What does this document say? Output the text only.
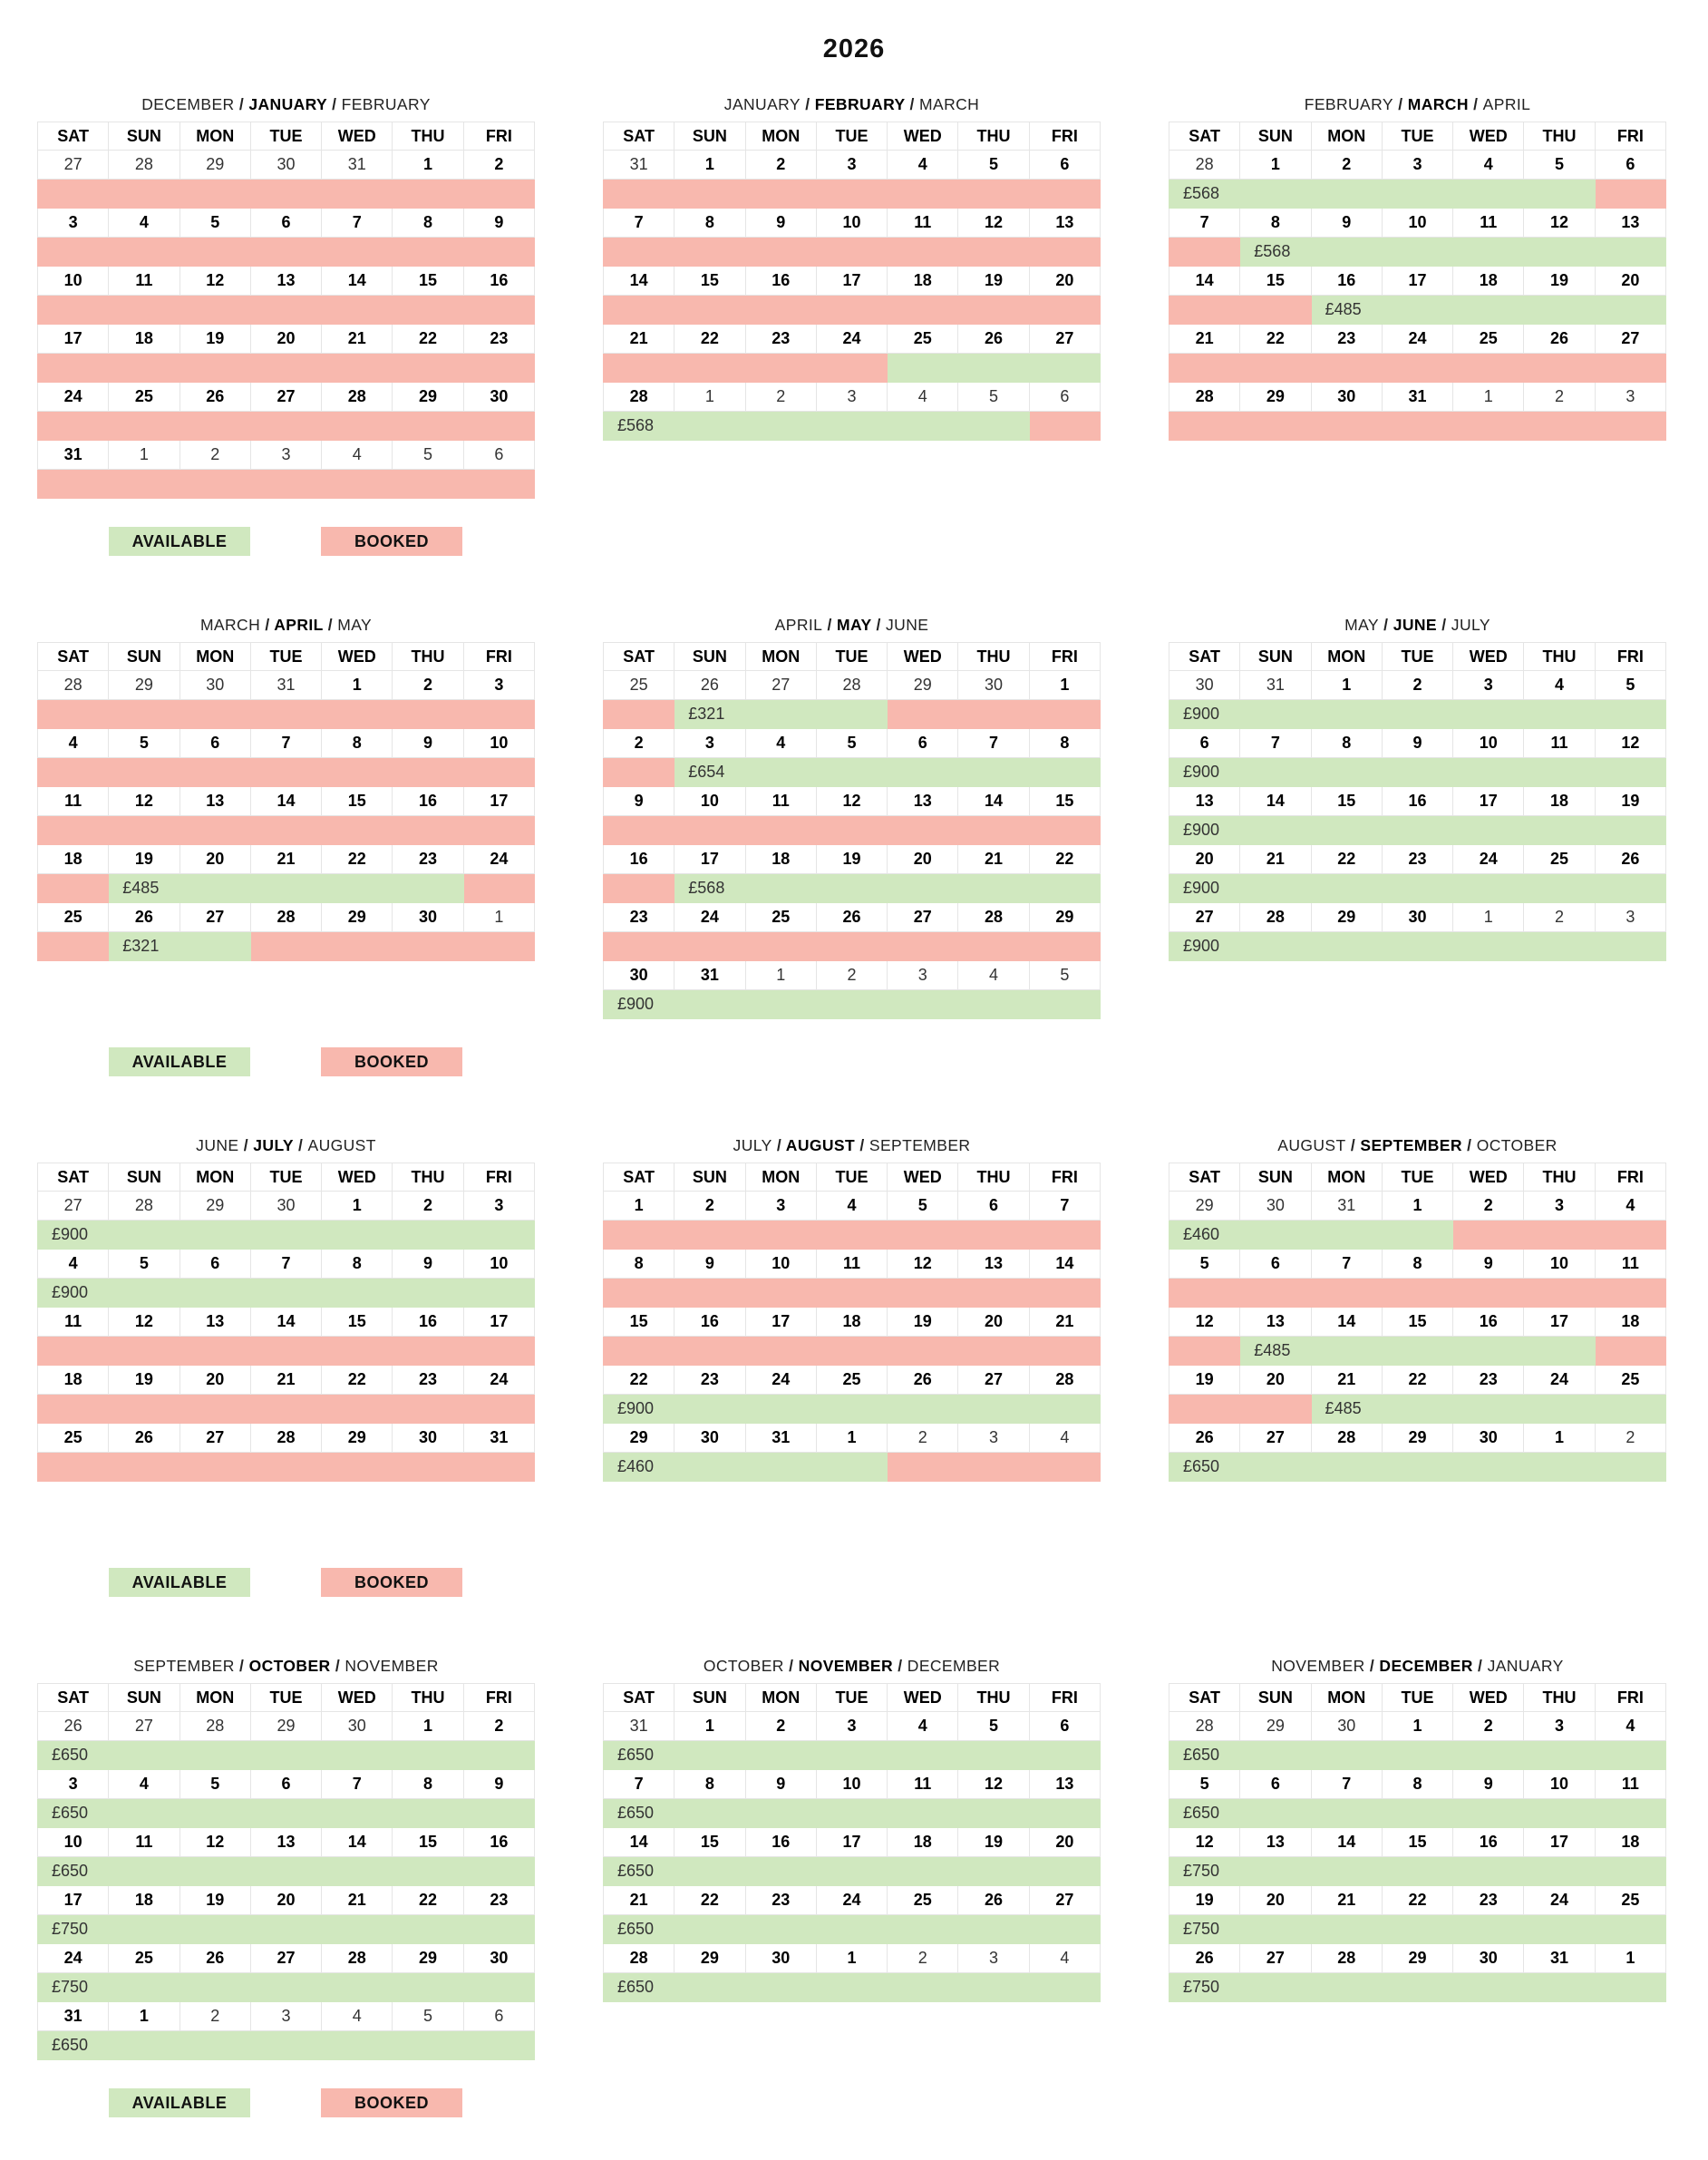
2026
DECEMBER / JANUARY / FEBRUARY
SAT	SUN	MON	TUE	WED	THU	FRI
27	28	29	30	31	1	2

3	4	5	6	7	8	9

10	11	12	13	14	15	16

17	18	19	20	21	22	23

24	25	26	27	28	29	30

31	1	2	3	4	5	6

JANUARY / FEBRUARY / MARCH
SAT	SUN	MON	TUE	WED	THU	FRI
31	1	2	3	4	5	6

7	8	9	10	11	12	13

14	15	16	17	18	19	20

21	22	23	24	25	26	27

28	1	2	3	4	5	6
£568						
FEBRUARY / MARCH / APRIL
SAT	SUN	MON	TUE	WED	THU	FRI
28	1	2	3	4	5	6
£568						
7	8	9	10	11	12	13
	£568					
14	15	16	17	18	19	20
		£485				
21	22	23	24	25	26	27

28	29	30	31	1	2	3

MARCH / APRIL / MAY
SAT	SUN	MON	TUE	WED	THU	FRI
28	29	30	31	1	2	3

4	5	6	7	8	9	10

11	12	13	14	15	16	17

18	19	20	21	22	23	24
	£485					
25	26	27	28	29	30	1
	£321					
APRIL / MAY / JUNE
SAT	SUN	MON	TUE	WED	THU	FRI
25	26	27	28	29	30	1
	£321					
2	3	4	5	6	7	8
	£654					
9	10	11	12	13	14	15

16	17	18	19	20	21	22
	£568					
23	24	25	26	27	28	29

30	31	1	2	3	4	5
£900						
MAY / JUNE / JULY
SAT	SUN	MON	TUE	WED	THU	FRI
30	31	1	2	3	4	5
£900						
6	7	8	9	10	11	12
£900						
13	14	15	16	17	18	19
£900						
20	21	22	23	24	25	26
£900						
27	28	29	30	1	2	3
£900						
JUNE / JULY / AUGUST
SAT	SUN	MON	TUE	WED	THU	FRI
27	28	29	30	1	2	3
£900						
4	5	6	7	8	9	10
£900						
11	12	13	14	15	16	17

18	19	20	21	22	23	24

25	26	27	28	29	30	31

JULY / AUGUST / SEPTEMBER
SAT	SUN	MON	TUE	WED	THU	FRI
1	2	3	4	5	6	7

8	9	10	11	12	13	14

15	16	17	18	19	20	21

22	23	24	25	26	27	28
£900						
29	30	31	1	2	3	4
£460						
AUGUST / SEPTEMBER / OCTOBER
SAT	SUN	MON	TUE	WED	THU	FRI
29	30	31	1	2	3	4
£460						
5	6	7	8	9	10	11

12	13	14	15	16	17	18
	£485					
19	20	21	22	23	24	25
		£485				
26	27	28	29	30	1	2
£650						
SEPTEMBER / OCTOBER / NOVEMBER
SAT	SUN	MON	TUE	WED	THU	FRI
26	27	28	29	30	1	2
£650						
3	4	5	6	7	8	9
£650						
10	11	12	13	14	15	16
£650						
17	18	19	20	21	22	23
£750						
24	25	26	27	28	29	30
£750						
31	1	2	3	4	5	6
£650						
OCTOBER / NOVEMBER / DECEMBER
SAT	SUN	MON	TUE	WED	THU	FRI
31	1	2	3	4	5	6
£650						
7	8	9	10	11	12	13
£650						
14	15	16	17	18	19	20
£650						
21	22	23	24	25	26	27
£650						
28	29	30	1	2	3	4
£650						
NOVEMBER / DECEMBER / JANUARY
SAT	SUN	MON	TUE	WED	THU	FRI
28	29	30	1	2	3	4
£650						
5	6	7	8	9	10	11
£650						
12	13	14	15	16	17	18
£750						
19	20	21	22	23	24	25
£750						
26	27	28	29	30	31	1
£750						
AVAILABLE	BOOKED
AVAILABLE	BOOKED
AVAILABLE	BOOKED
AVAILABLE	BOOKED
